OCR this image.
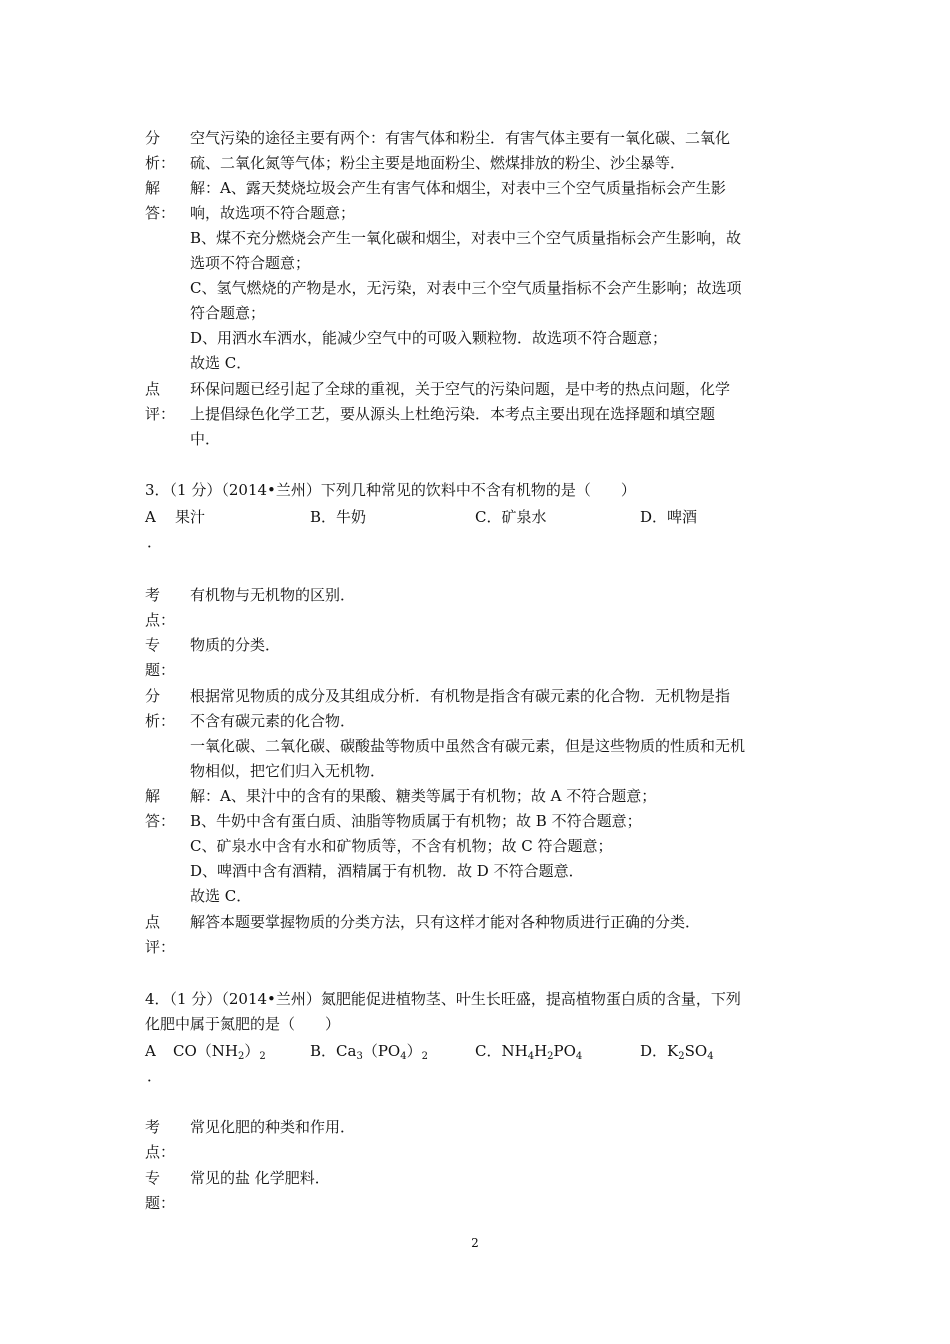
分
析：
空气污染的途径主要有两个：有害气体和粉尘．有害气体主要有一氧化碳、二氧化
硫、二氧化氮等气体；粉尘主要是地面粉尘、燃煤排放的粉尘、沙尘暴等．
解
答：
解：A、露天焚烧垃圾会产生有害气体和烟尘，对表中三个空气质量指标会产生影
响，故选项不符合题意；
B、煤不充分燃烧会产生一氧化碳和烟尘，对表中三个空气质量指标会产生影响，故
选项不符合题意；
C、氢气燃烧的产物是水，无污染，对表中三个空气质量指标不会产生影响；故选项
符合题意；
D、用洒水车洒水，能减少空气中的可吸入颗粒物．故选项不符合题意；
故选 C．
点
评：
环保问题已经引起了全球的重视，关于空气的污染问题，是中考的热点问题，化学
上提倡绿色化学工艺，要从源头上杜绝污染．本考点主要出现在选择题和填空题
中．
3．（1 分）（2014•兰州）下列几种常见的饮料中不含有机物的是（　　）
A 果汁	B．牛奶	C．矿泉水	D．啤酒
．
考
点：
有机物与无机物的区别．
专
题：
物质的分类．
分
析：
根据常见物质的成分及其组成分析．有机物是指含有碳元素的化合物．无机物是指
不含有碳元素的化合物．
一氧化碳、二氧化碳、碳酸盐等物质中虽然含有碳元素，但是这些物质的性质和无机
物相似，把它们归入无机物．
解
答：
解：A、果汁中的含有的果酸、糖类等属于有机物；故 A 不符合题意；
B、牛奶中含有蛋白质、油脂等物质属于有机物；故 B 不符合题意；
C、矿泉水中含有水和矿物质等，不含有机物；故 C 符合题意；
D、啤酒中含有酒精，酒精属于有机物．故 D 不符合题意．
故选 C．
点
评：
解答本题要掌握物质的分类方法，只有这样才能对各种物质进行正确的分类．
4．（1 分）（2014•兰州）氮肥能促进植物茎、叶生长旺盛，提高植物蛋白质的含量，下列
化肥中属于氮肥的是（　　）
A $CO(NH_2)_2$	B．$Ca_3(PO_4)_2$	C．$NH_4H_2PO_4$	D．$K_2SO_4$
．
考
点：
常见化肥的种类和作用．
专
题：
常见的盐 化学肥料．
2
